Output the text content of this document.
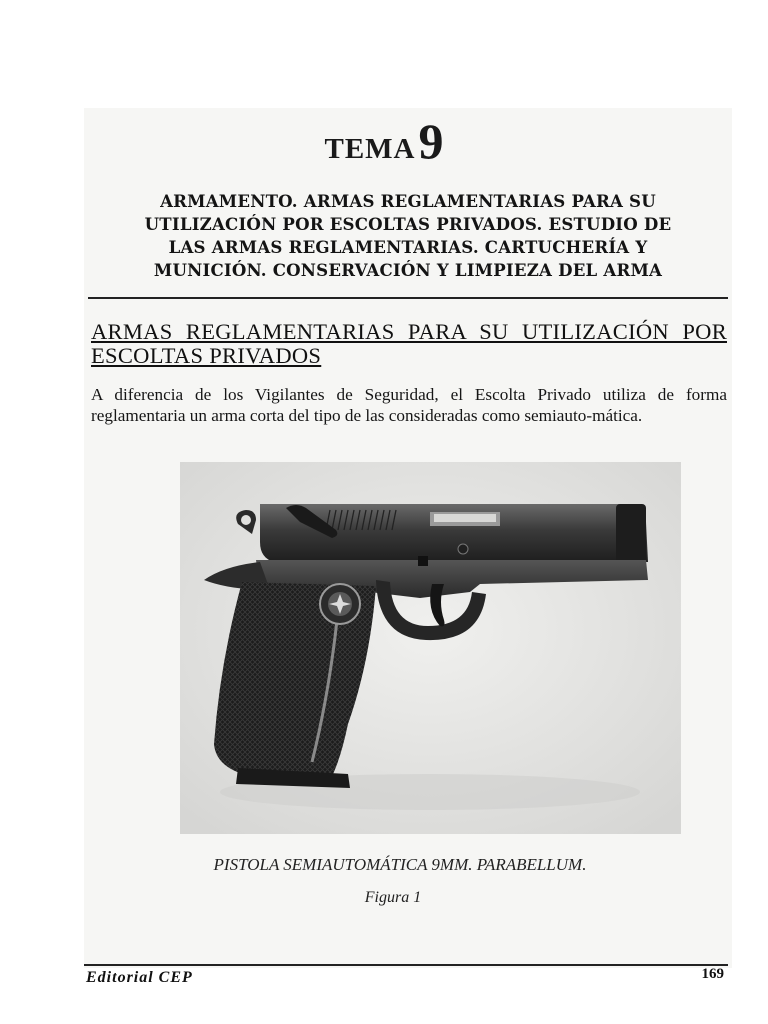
TEMA9
ARMAMENTO. ARMAS REGLAMENTARIAS PARA SU
UTILIZACIÓN POR ESCOLTAS PRIVADOS. ESTUDIO DE
LAS ARMAS REGLAMENTARIAS. CARTUCHERÍA Y
MUNICIÓN. CONSERVACIÓN Y LIMPIEZA DEL ARMA
ARMAS REGLAMENTARIAS PARA SU UTILIZACIÓN POR
ESCOLTAS PRIVADOS
A diferencia de los Vigilantes de Seguridad, el Escolta Privado utiliza de forma reglamentaria un arma corta del tipo de las consideradas como semiauto-mática.
PISTOLA SEMIAUTOMÁTICA 9MM. PARABELLUM.
Figura 1
Editorial CEP	169
